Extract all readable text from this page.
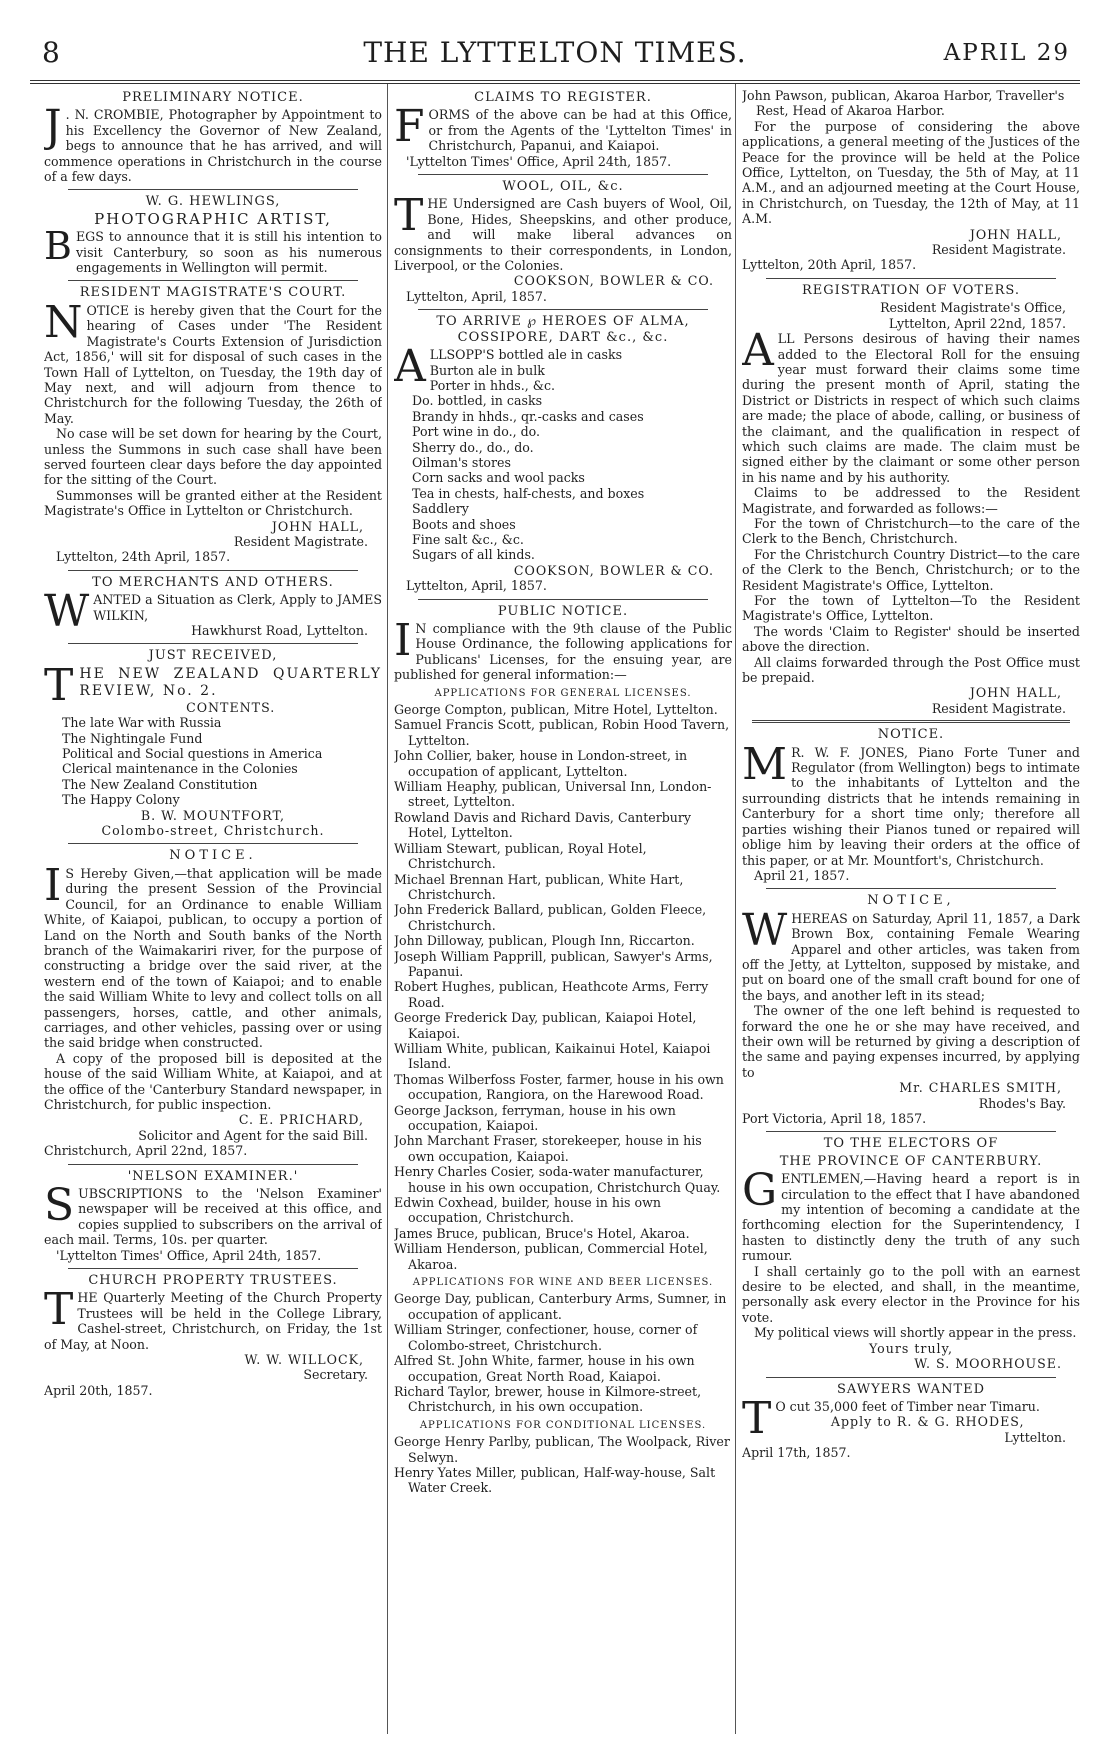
8	THE LYTTELTON TIMES.	APRIL 29
PRELIMINARY NOTICE.

J . N. CROMBIE, Photographer by Appointment to his Excellency the Governor of New Zealand, begs to announce that he has arrived, and will commence operations in Christchurch in the course of a few days.

W. G. HEWLINGS,
PHOTOGRAPHIC ARTIST,

BEGS to announce that it is still his intention to visit Canterbury, so soon as his numerous engagements in Wellington will permit.

RESIDENT MAGISTRATE'S COURT.

NOTICE is hereby given that the Court for the hearing of Cases under 'The Resident Magistrate's Courts Extension of Jurisdiction Act, 1856,' will sit for disposal of such cases in the Town Hall of Lyttelton, on Tuesday, the 19th day of May next, and will adjourn from thence to Christchurch for the following Tuesday, the 26th of May.

No case will be set down for hearing by the Court, unless the Summons in such case shall have been served fourteen clear days before the day appointed for the sitting of the Court.

Summonses will be granted either at the Resident Magistrate's Office in Lyttelton or Christchurch.

JOHN HALL,

Resident Magistrate.

Lyttelton, 24th April, 1857.

TO MERCHANTS AND OTHERS.

WANTED a Situation as Clerk, Apply to JAMES WILKIN,

Hawkhurst Road, Lyttelton.

JUST RECEIVED,

THE NEW ZEALAND QUARTERLY REVIEW, No. 2.

CONTENTS.
The late War with Russia
The Nightingale Fund
Political and Social questions in America
Clerical maintenance in the Colonies
The New Zealand Constitution
The Happy Colony

B. W. MOUNTFORT,

Colombo-street, Christchurch.

NOTICE.

I S Hereby Given,—that application will be made during the present Session of the Provincial Council, for an Ordinance to enable William White, of Kaiapoi, publican, to occupy a portion of Land on the North and South banks of the North branch of the Waimakariri river, for the purpose of constructing a bridge over the said river, at the western end of the town of Kaiapoi; and to enable the said William White to levy and collect tolls on all passengers, horses, cattle, and other animals, carriages, and other vehicles, passing over or using the said bridge when constructed.

A copy of the proposed bill is deposited at the house of the said William White, at Kaiapoi, and at the office of the 'Canterbury Standard newspaper, in Christchurch, for public inspection.

C. E. PRICHARD,

Solicitor and Agent for the said Bill.

Christchurch, April 22nd, 1857.

'NELSON EXAMINER.'

SUBSCRIPTIONS to the 'Nelson Examiner' newspaper will be received at this office, and copies supplied to subscribers on the arrival of each mail. Terms, 10s. per quarter.

'Lyttelton Times' Office, April 24th, 1857.

CHURCH PROPERTY TRUSTEES.

THE Quarterly Meeting of the Church Property Trustees will be held in the College Library, Cashel-street, Christchurch, on Friday, the 1st of May, at Noon.

W. W. WILLOCK,

Secretary.

April 20th, 1857.

CLAIMS TO REGISTER.

FORMS of the above can be had at this Office, or from the Agents of the 'Lyttelton Times' in Christchurch, Papanui, and Kaiapoi.

'Lyttelton Times' Office, April 24th, 1857.

WOOL, OIL, &c.

THE Undersigned are Cash buyers of Wool, Oil, Bone, Hides, Sheepskins, and other produce, and will make liberal advances on consignments to their correspondents, in London, Liverpool, or the Colonies.

COOKSON, BOWLER & CO.

Lyttelton, April, 1857.

TO ARRIVE ℘ HEROES OF ALMA, COSSIPORE, DART &c., &c.

ALLSOPP'S bottled ale in casks

Burton ale in bulk
Porter in hhds., &c.
Do. bottled, in casks
Brandy in hhds., qr.-casks and cases
Port wine in do., do.
Sherry do., do., do.
Oilman's stores
Corn sacks and wool packs
Tea in chests, half-chests, and boxes
Saddlery
Boots and shoes
Fine salt &c., &c.
Sugars of all kinds.

COOKSON, BOWLER & CO.

Lyttelton, April, 1857.

PUBLIC NOTICE.

I N compliance with the 9th clause of the Public House Ordinance, the following applications for Publicans' Licenses, for the ensuing year, are published for general information:—

APPLICATIONS FOR GENERAL LICENSES.

George Compton, publican, Mitre Hotel, Lyttelton.

Samuel Francis Scott, publican, Robin Hood Tavern, Lyttelton.

John Collier, baker, house in London-street, in occupation of applicant, Lyttelton.

William Heaphy, publican, Universal Inn, London-street, Lyttelton.

Rowland Davis and Richard Davis, Canterbury Hotel, Lyttelton.

William Stewart, publican, Royal Hotel, Christchurch.

Michael Brennan Hart, publican, White Hart, Christchurch.

John Frederick Ballard, publican, Golden Fleece, Christchurch.

John Dilloway, publican, Plough Inn, Riccarton.

Joseph William Papprill, publican, Sawyer's Arms, Papanui.

Robert Hughes, publican, Heathcote Arms, Ferry Road.

George Frederick Day, publican, Kaiapoi Hotel, Kaiapoi.

William White, publican, Kaikainui Hotel, Kaiapoi Island.

Thomas Wilberfoss Foster, farmer, house in his own occupation, Rangiora, on the Harewood Road.

George Jackson, ferryman, house in his own occupation, Kaiapoi.

John Marchant Fraser, storekeeper, house in his own occupation, Kaiapoi.

Henry Charles Cosier, soda-water manufacturer, house in his own occupation, Christchurch Quay.

Edwin Coxhead, builder, house in his own occupation, Christchurch.

James Bruce, publican, Bruce's Hotel, Akaroa.

William Henderson, publican, Commercial Hotel, Akaroa.

APPLICATIONS FOR WINE AND BEER LICENSES.

George Day, publican, Canterbury Arms, Sumner, in occupation of applicant.

William Stringer, confectioner, house, corner of Colombo-street, Christchurch.

Alfred St. John White, farmer, house in his own occupation, Great North Road, Kaiapoi.

Richard Taylor, brewer, house in Kilmore-street, Christchurch, in his own occupation.

APPLICATIONS FOR CONDITIONAL LICENSES.

George Henry Parlby, publican, The Woolpack, River Selwyn.

Henry Yates Miller, publican, Half-way-house, Salt Water Creek.

John Pawson, publican, Akaroa Harbor, Traveller's Rest, Head of Akaroa Harbor.

For the purpose of considering the above applications, a general meeting of the Justices of the Peace for the province will be held at the Police Office, Lyttelton, on Tuesday, the 5th of May, at 11 A.M., and an adjourned meeting at the Court House, in Christchurch, on Tuesday, the 12th of May, at 11 A.M.

JOHN HALL,

Resident Magistrate.

Lyttelton, 20th April, 1857.

REGISTRATION OF VOTERS.

Resident Magistrate's Office,

Lyttelton, April 22nd, 1857.

ALL Persons desirous of having their names added to the Electoral Roll for the ensuing year must forward their claims some time during the present month of April, stating the District or Districts in respect of which such claims are made; the place of abode, calling, or business of the claimant, and the qualification in respect of which such claims are made. The claim must be signed either by the claimant or some other person in his name and by his authority.

Claims to be addressed to the Resident Magistrate, and forwarded as follows:—

For the town of Christchurch—to the care of the Clerk to the Bench, Christchurch.

For the Christchurch Country District—to the care of the Clerk to the Bench, Christchurch; or to the Resident Magistrate's Office, Lyttelton.

For the town of Lyttelton—To the Resident Magistrate's Office, Lyttelton.

The words 'Claim to Register' should be inserted above the direction.

All claims forwarded through the Post Office must be prepaid.

JOHN HALL,

Resident Magistrate.

NOTICE.

M R. W. F. JONES, Piano Forte Tuner and Regulator (from Wellington) begs to intimate to the inhabitants of Lyttelton and the surrounding districts that he intends remaining in Canterbury for a short time only; therefore all parties wishing their Pianos tuned or repaired will oblige him by leaving their orders at the office of this paper, or at Mr. Mountfort's, Christchurch.

April 21, 1857.

NOTICE,

WHEREAS on Saturday, April 11, 1857, a Dark Brown Box, containing Female Wearing Apparel and other articles, was taken from off the Jetty, at Lyttelton, supposed by mistake, and put on board one of the small craft bound for one of the bays, and another left in its stead;

The owner of the one left behind is requested to forward the one he or she may have received, and their own will be returned by giving a description of the same and paying expenses incurred, by applying to

Mr. CHARLES SMITH,

Rhodes's Bay.

Port Victoria, April 18, 1857.

TO THE ELECTORS OF
THE PROVINCE OF CANTERBURY.

GENTLEMEN,—Having heard a report is in circulation to the effect that I have abandoned my intention of becoming a candidate at the forthcoming election for the Superintendency, I hasten to distinctly deny the truth of any such rumour.

I shall certainly go to the poll with an earnest desire to be elected, and shall, in the meantime, personally ask every elector in the Province for his vote.

My political views will shortly appear in the press.

Yours truly,

W. S. MOORHOUSE.

SAWYERS WANTED

T O cut 35,000 feet of Timber near Timaru.

Apply to R. & G. RHODES,

Lyttelton.

April 17th, 1857.
